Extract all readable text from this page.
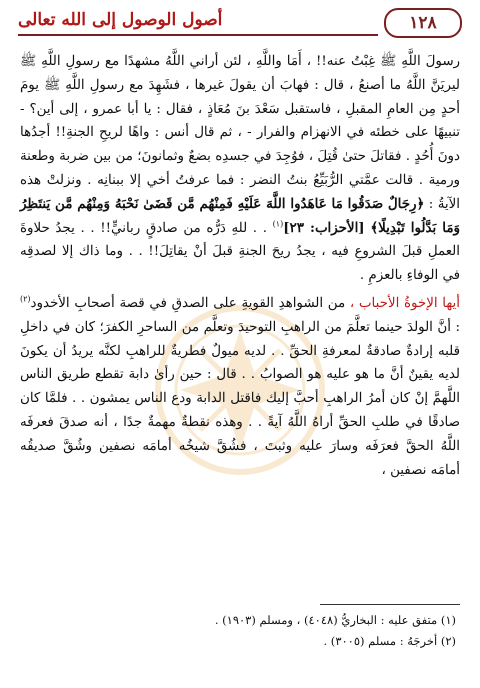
١٢٨
أصول الوصول إلى الله تعالى

رسولَ اللَّهِ ﷺ غِبْتُ عنه!! ، أَمَا واللَّهِ ، لئن أراني اللَّهُ مشهدًا مع رسولِ اللَّهِ ﷺ ليريَنَّ اللَّهُ ما أصنعُ ، قال : فهابَ أن يقولَ غيرها ، فشَهِدَ مع رسولِ اللَّهِ ﷺ يومَ أحدٍ مِن العامِ المقبلِ ، فاستقبل سَعْدَ بنَ مُعَاذٍ ، فقال : يا أبا عمرو ، إلى أين؟ - تنبيهًا على خطئه في الانهزام والفرار - ، ثم قال أنس : واهًا لريحِ الجنةِ!! أجدُها دونَ أُحُدٍ . فقاتلَ حتىٰ قُتِلَ ، فوُجِدَ في جسدِه بضعٌ وثمانونَ؛ من بين ضربة وطعنة ورمية . قالت عمَّتي الرُّبَيِّعُ بنتُ النضر : فما عرفتُ أخي إلا ببنانِه . ونزلتْ هذه الآيةُ : ﴿رِجَالٌ صَدَقُوا مَا عَاهَدُوا اللَّهَ عَلَيْهِ فَمِنْهُم مَّن قَضَىٰ نَحْبَهُ وَمِنْهُم مَّن يَنتَظِرُ وَمَا بَدَّلُوا تَبْدِيلًا﴾ [الأحزاب: ٢٣]$^{(١)}$ . . للهِ دَرُّه من صادقٍ ربانيٍّ!! . . يجدُ حلاوةَ العملِ قبلَ الشروعِ فيه ، يجدُ ريحَ الجنةِ قبلَ أنْ يقاتِلَ!! . . وما ذاك إلا لصدقِه في الوفاءِ بالعزمِ .

أيها الإخوةُ الأحباب ، من الشواهدِ القويةِ على الصدقِ في قصة أصحابِ الأخدود$^{(٢)}$ : أنَّ الولدَ حينما تعلَّمَ من الراهبِ التوحيدَ وتعلَّم من الساحرِ الكفرَ؛ كان في داخلِ قلبه إرادةٌ صادقةٌ لمعرفةِ الحقِّ . . لديه ميولٌ فطريةٌ للراهبِ لكنَّه يريدُ أن يكونَ لديه يقينٌ أنَّ ما هو عليه هو الصوابُ . . قال : حين رأىٰ دابة تقطع طريق الناس اللَّهمَّ إنْ كان أمرُ الراهبِ أحبَّ إليك فاقتل الدابة ودع الناس يمشون . . فلمَّا كان صادقًا في طلبِ الحقِّ أراهُ اللَّهُ آيةً . . وهذه نقطةٌ مهمةٌ جدًا ، أنه صدقَ فعرفَه اللَّهُ الحقَّ فعرَفَه وسارَ عليه وثبتَ ، فشُقَّ شيخُه أمامَه نصفين وشُقَّ صديقُه أمامَه نصفين ،

(١) متفق عليه : البخاريُّ (٤٠٤٨) ، ومسلم (١٩٠٣) .
(٢) أخرجَهُ : مسلم (٣٠٠٥) .
